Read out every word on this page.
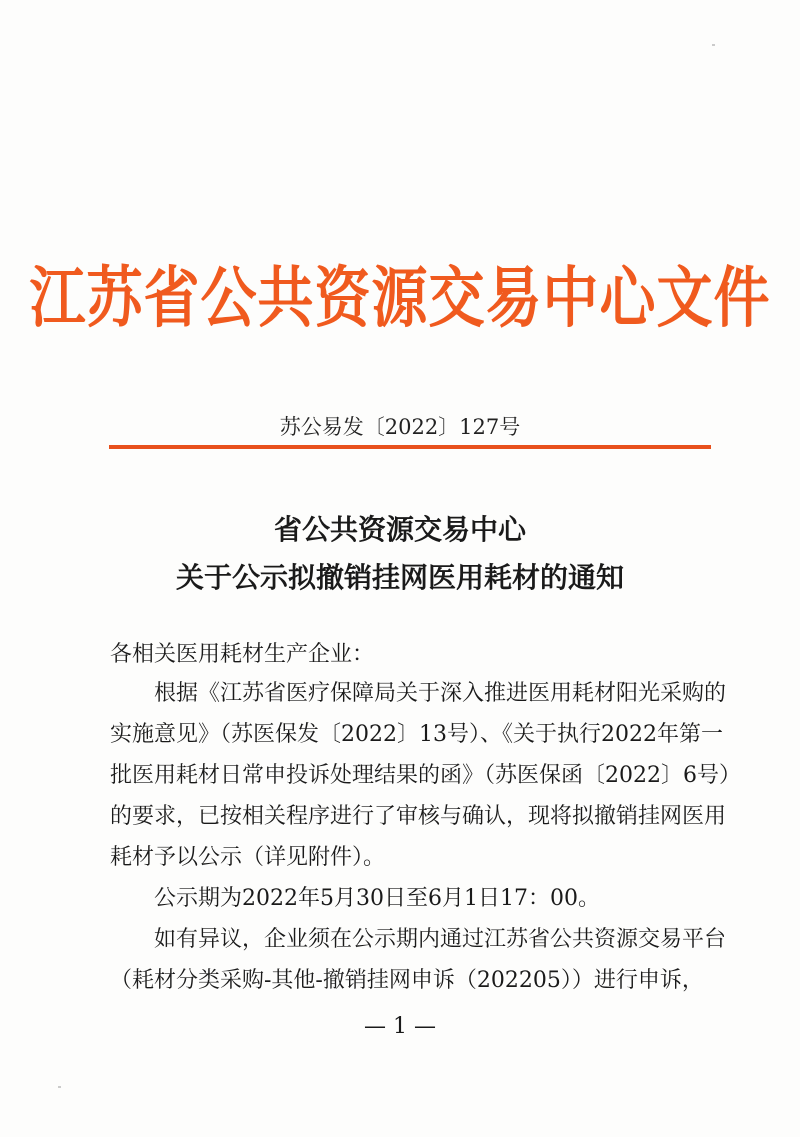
江苏省公共资源交易中心文件
苏公易发〔2022〕127号
省公共资源交易中心
关于公示拟撤销挂网医用耗材的通知
各相关医用耗材生产企业：
　　根据《江苏省医疗保障局关于深入推进医用耗材阳光采购的
实施意见》（苏医保发〔2022〕13号）、《关于执行2022年第一
批医用耗材日常申投诉处理结果的函》（苏医保函〔2022〕6号）
的要求，已按相关程序进行了审核与确认，现将拟撤销挂网医用
耗材予以公示（详见附件）。
　　公示期为2022年5月30日至6月1日17：00。
　　如有异议，企业须在公示期内通过江苏省公共资源交易平台
（耗材分类采购-其他-撤销挂网申诉（202205））进行申诉，
— 1 —
